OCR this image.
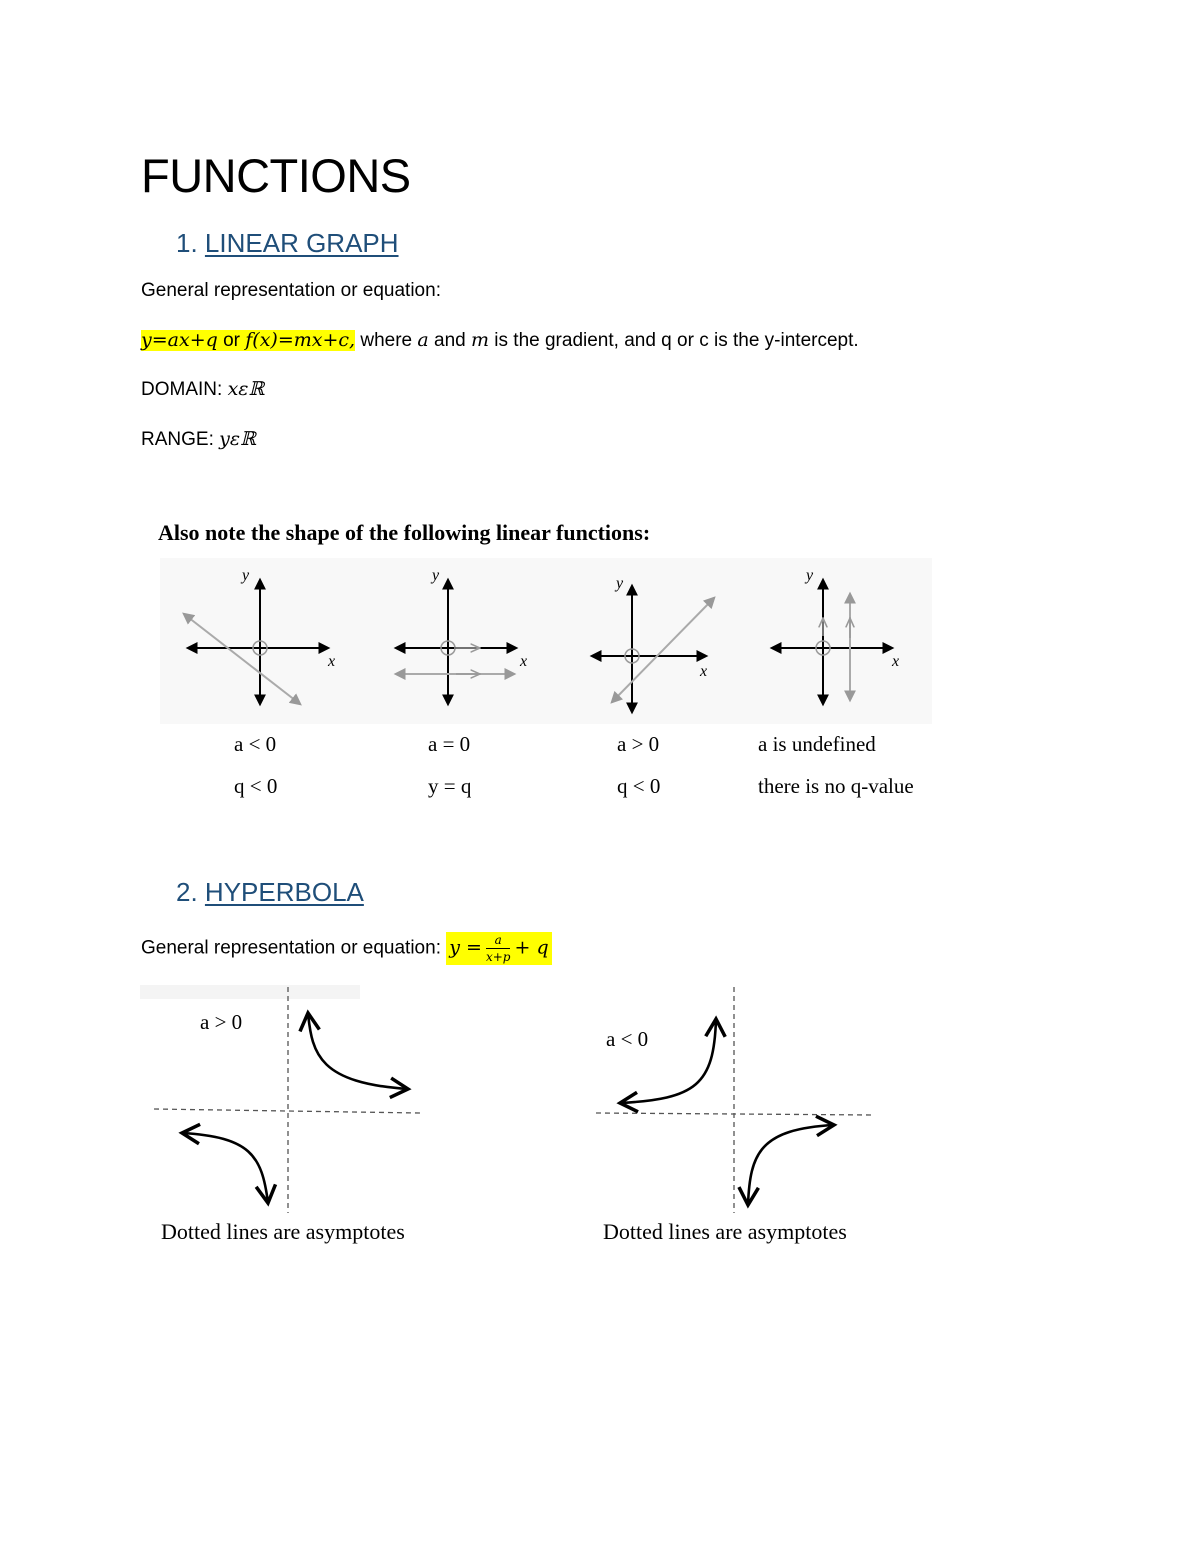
FUNCTIONS
1. LINEAR GRAPH
General representation or equation:
y=ax+q or f(x)=mx+c, where a and m is the gradient, and q or c is the y-intercept.
DOMAIN: xεℝ
RANGE: yεℝ
Also note the shape of the following linear functions:
y
x
y
x
y
x
y
x
a < 0
q < 0
a = 0
y = q
a > 0
q < 0
a is undefined
there is no q-value
2. HYPERBOLA
General representation or equation: $y = \frac{a}{x+p} + q$
a > 0
a < 0
Dotted lines are asymptotes	Dotted lines are asymptotes
